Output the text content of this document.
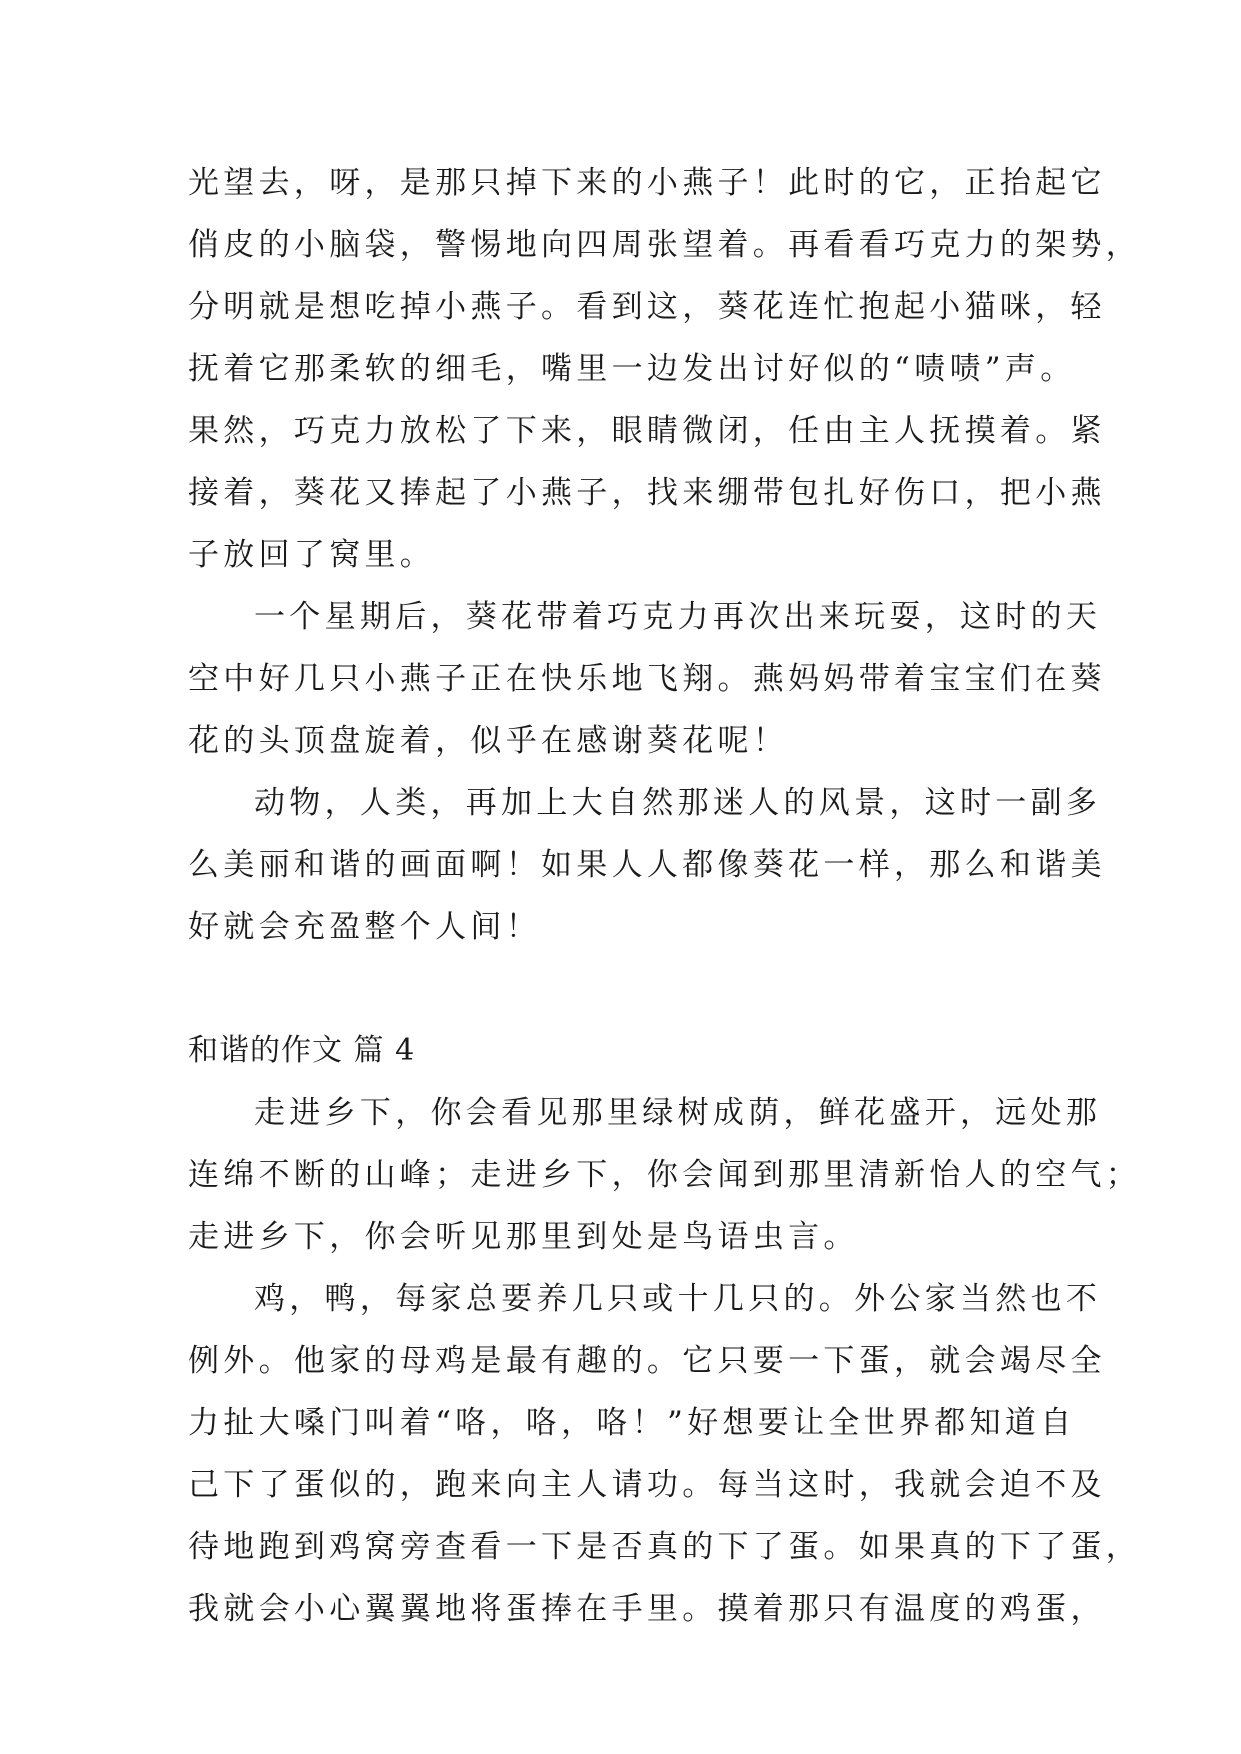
光望去，呀，是那只掉下来的小燕子！此时的它，正抬起它
俏皮的小脑袋，警惕地向四周张望着。再看看巧克力的架势，
分明就是想吃掉小燕子。看到这，葵花连忙抱起小猫咪，轻
抚着它那柔软的细毛，嘴里一边发出讨好似的“啧啧”声。
果然，巧克力放松了下来，眼睛微闭，任由主人抚摸着。紧
接着，葵花又捧起了小燕子，找来绷带包扎好伤口，把小燕
子放回了窝里。
一个星期后，葵花带着巧克力再次出来玩耍，这时的天
空中好几只小燕子正在快乐地飞翔。燕妈妈带着宝宝们在葵
花的头顶盘旋着，似乎在感谢葵花呢！
动物，人类，再加上大自然那迷人的风景，这时一副多
么美丽和谐的画面啊！如果人人都像葵花一样，那么和谐美
好就会充盈整个人间！
和谐的作文 篇 4
走进乡下，你会看见那里绿树成荫，鲜花盛开，远处那
连绵不断的山峰；走进乡下，你会闻到那里清新怡人的空气；
走进乡下，你会听见那里到处是鸟语虫言。
鸡，鸭，每家总要养几只或十几只的。外公家当然也不
例外。他家的母鸡是最有趣的。它只要一下蛋，就会竭尽全
力扯大嗓门叫着“咯，咯，咯！”好想要让全世界都知道自
己下了蛋似的，跑来向主人请功。每当这时，我就会迫不及
待地跑到鸡窝旁查看一下是否真的下了蛋。如果真的下了蛋，
我就会小心翼翼地将蛋捧在手里。摸着那只有温度的鸡蛋，
